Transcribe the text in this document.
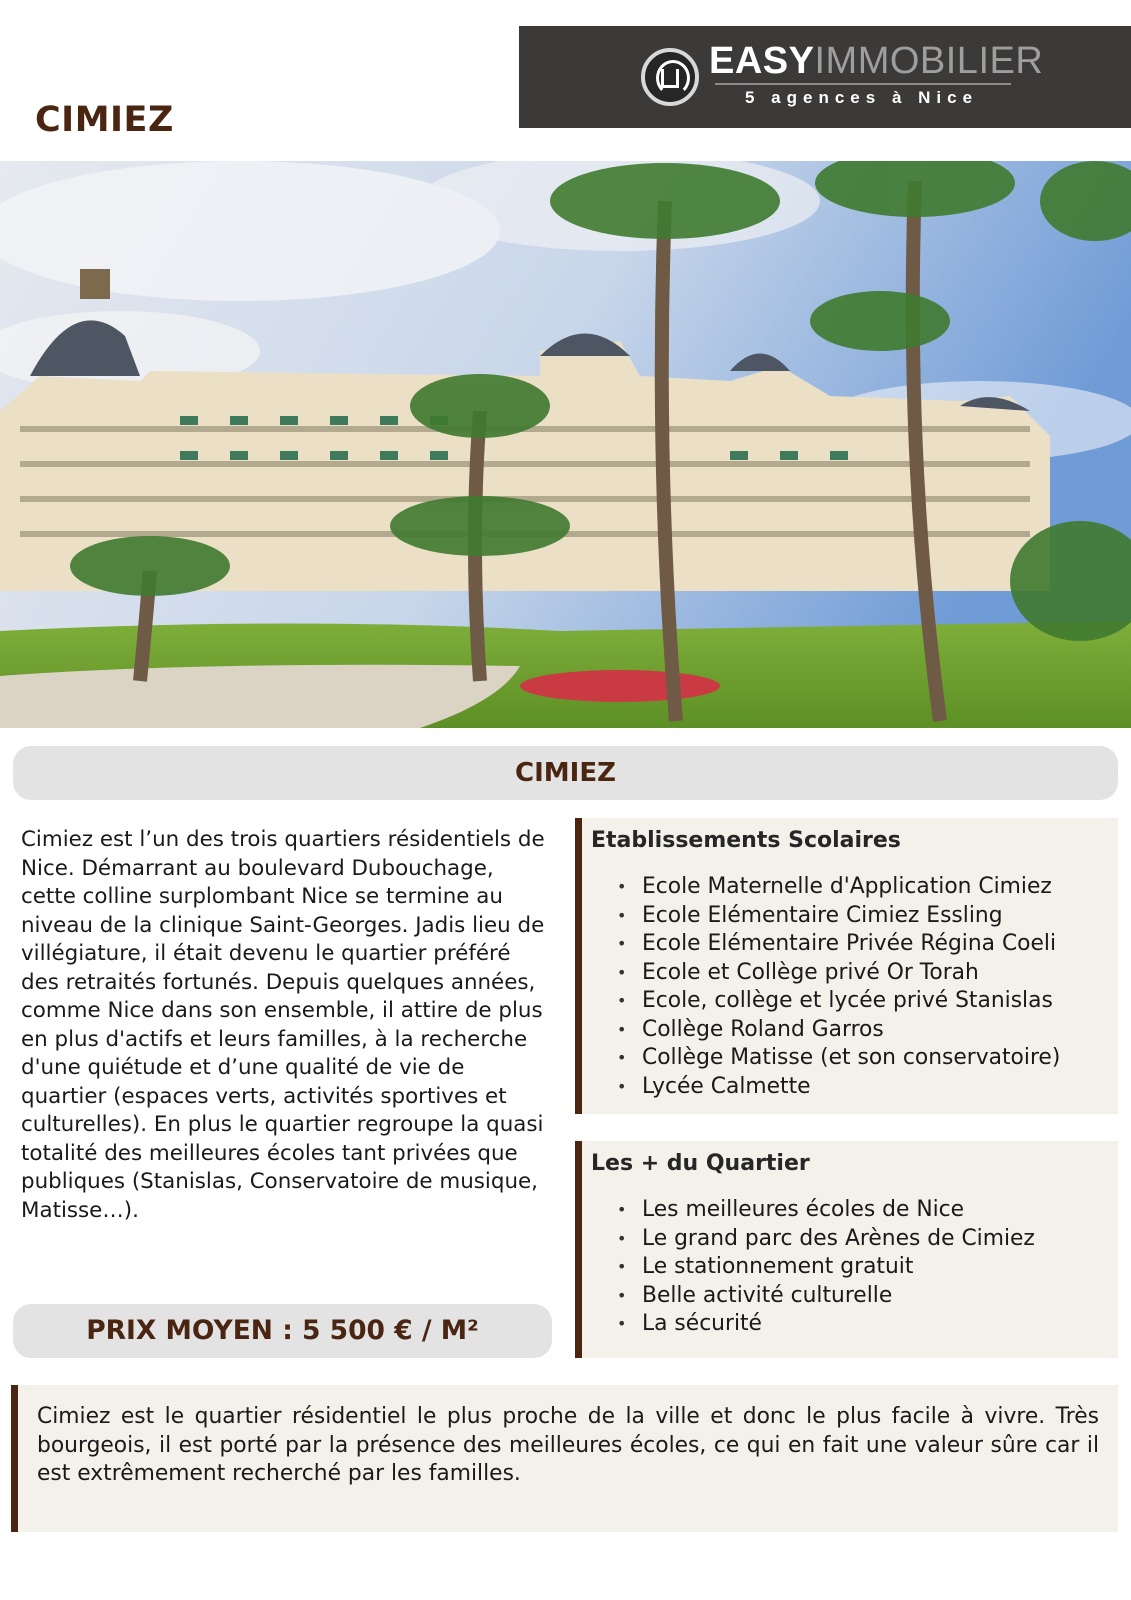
CIMIEZ
EASYIMMOBILIER
5 agences à Nice
CIMIEZ

Cimiez est l’un des trois quartiers résidentiels de Nice. Démarrant au boulevard Dubouchage, cette colline surplombant Nice se termine au niveau de la clinique Saint-Georges. Jadis lieu de villégiature, il était devenu le quartier préféré des retraités fortunés. Depuis quelques années, comme Nice dans son ensemble, il attire de plus en plus d'actifs et leurs familles, à la recherche d'une quiétude et d’une qualité de vie de quartier (espaces verts, activités sportives et culturelles). En plus le quartier regroupe la quasi totalité des meilleures écoles tant privées que publiques (Stanislas, Conservatoire de musique, Matisse…).

PRIX MOYEN : 5 500 € / M²
Etablissements Scolaires
• Ecole Maternelle d'Application Cimiez
• Ecole Elémentaire Cimiez Essling
• Ecole Elémentaire Privée Régina Coeli
• Ecole et Collège privé Or Torah
• Ecole, collège et lycée privé Stanislas
• Collège Roland Garros
• Collège Matisse (et son conservatoire)
• Lycée Calmette
Les + du Quartier
• Les meilleures écoles de Nice
• Le grand parc des Arènes de Cimiez
• Le stationnement gratuit
• Belle activité culturelle
• La sécurité

Cimiez est le quartier résidentiel le plus proche de la ville et donc le plus facile à vivre. Très bourgeois, il est porté par la présence des meilleures écoles, ce qui en fait une valeur sûre car il est extrêmement recherché par les familles.
